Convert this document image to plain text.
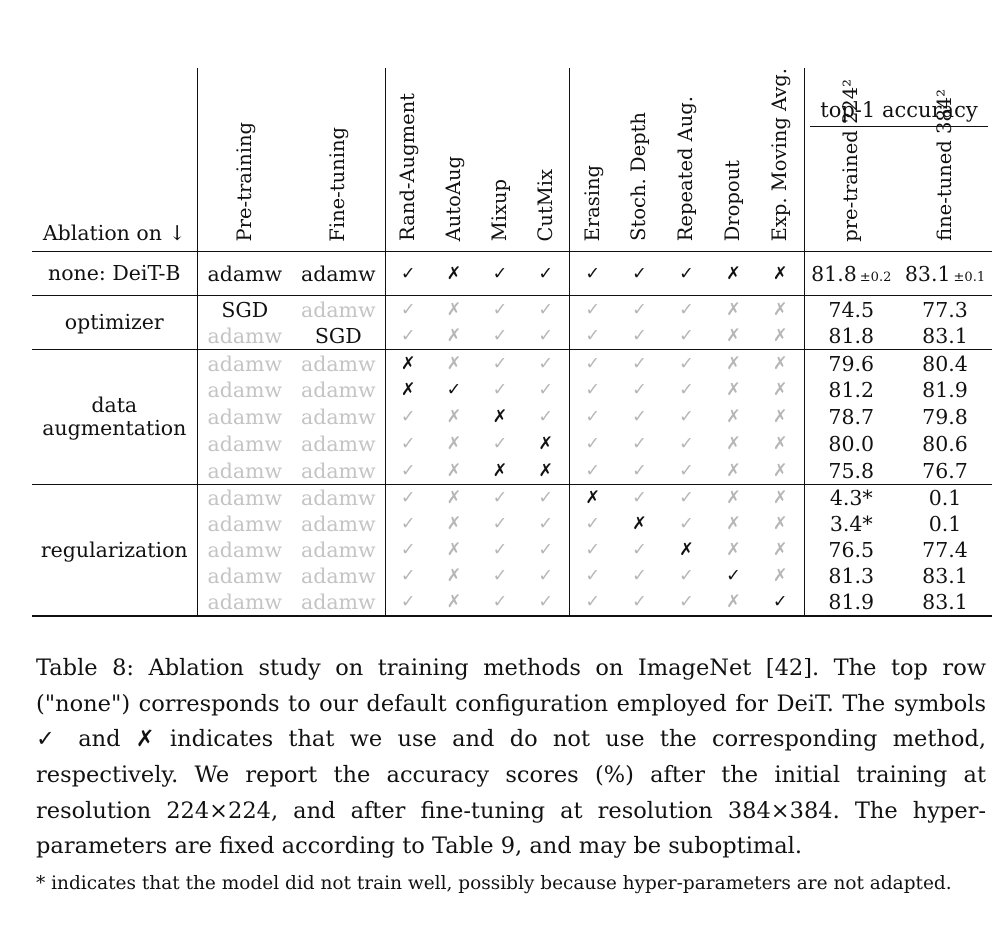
top-1 accuracy
Ablation on ↓	Pre-training	Fine-tuning	Rand-Augment	AutoAug	Mixup	CutMix	Erasing	Stoch. Depth	Repeated Aug.	Dropout	Exp. Moving Avg.	pre-trained 224²	fine-tuned 384²
none: DeiT-B	adamw	adamw	✓	✗	✓	✓	✓	✓	✓	✗	✗	81.8 ±0.2	83.1 ±0.1
optimizer	SGD	adamw	✓	✗	✓	✓	✓	✓	✓	✗	✗	74.5	77.3
	adamw	SGD	✓	✗	✓	✓	✓	✓	✓	✗	✗	81.8	83.1
data
augmentation	adamw	adamw	✗	✗	✓	✓	✓	✓	✓	✗	✗	79.6	80.4
	adamw	adamw	✗	✓	✓	✓	✓	✓	✓	✗	✗	81.2	81.9
	adamw	adamw	✓	✗	✗	✓	✓	✓	✓	✗	✗	78.7	79.8
	adamw	adamw	✓	✗	✓	✗	✓	✓	✓	✗	✗	80.0	80.6
	adamw	adamw	✓	✗	✗	✗	✓	✓	✓	✗	✗	75.8	76.7
regularization	adamw	adamw	✓	✗	✓	✓	✗	✓	✓	✗	✗	4.3*	0.1
	adamw	adamw	✓	✗	✓	✓	✓	✗	✓	✗	✗	3.4*	0.1
	adamw	adamw	✓	✗	✓	✓	✓	✓	✗	✗	✗	76.5	77.4
	adamw	adamw	✓	✗	✓	✓	✓	✓	✓	✓	✗	81.3	83.1
	adamw	adamw	✓	✗	✓	✓	✓	✓	✓	✗	✓	81.9	83.1

Table 8: Ablation study on training methods on ImageNet [42]. The top row ("none") corresponds to our default configuration employed for DeiT. The symbols ✓ and ✗ indicates that we use and do not use the corresponding method, respectively. We report the accuracy scores (%) after the initial training at resolution 224×224, and after fine-tuning at resolution 384×384. The hyper-parameters are fixed according to Table 9, and may be suboptimal.

* indicates that the model did not train well, possibly because hyper-parameters are not adapted.
